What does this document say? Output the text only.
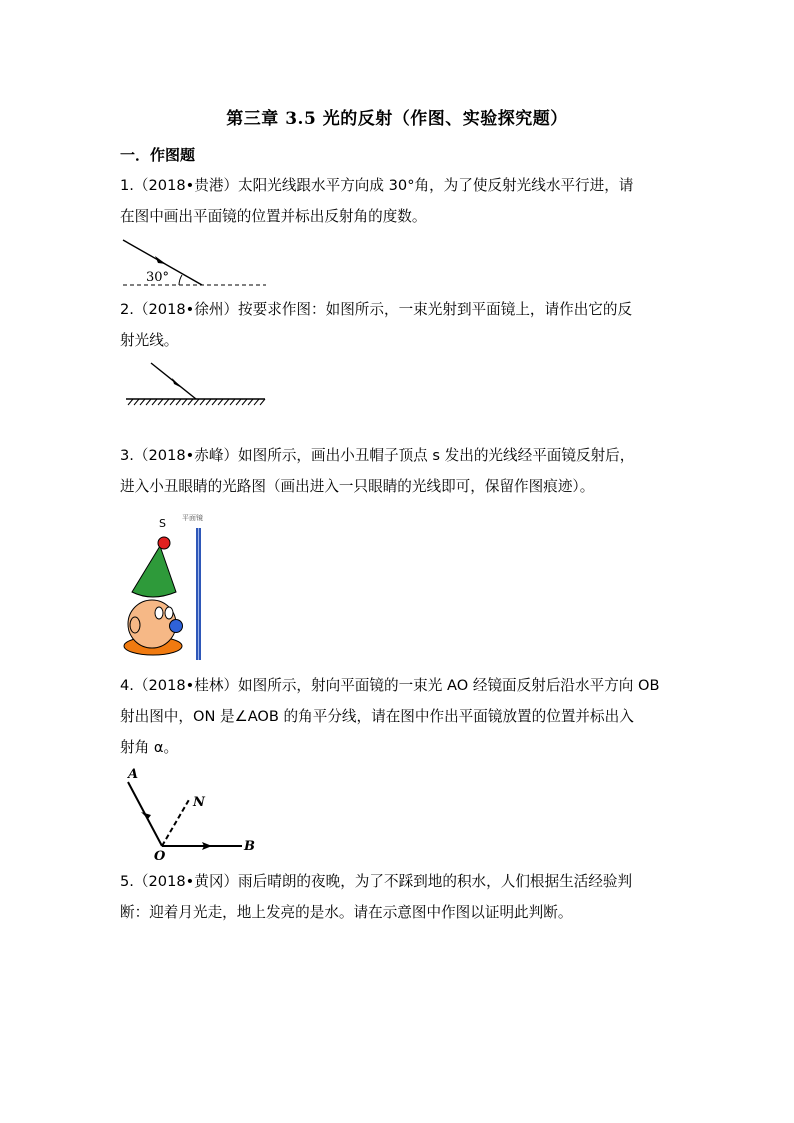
第三章 3.5 光的反射（作图、实验探究题）
一．作图题
1.（2018•贵港）太阳光线跟水平方向成 30°角，为了使反射光线水平行进，请
在图中画出平面镜的位置并标出反射角的度数。
30°
2.（2018•徐州）按要求作图：如图所示，一束光射到平面镜上，请作出它的反
射光线。
3.（2018•赤峰）如图所示，画出小丑帽子顶点 s 发出的光线经平面镜反射后，
进入小丑眼睛的光路图（画出进入一只眼睛的光线即可，保留作图痕迹）。
S 平面镜
4.（2018•桂林）如图所示，射向平面镜的一束光 AO 经镜面反射后沿水平方向 OB
射出图中，ON 是∠AOB 的角平分线，请在图中作出平面镜放置的位置并标出入
射角 α。
A
N
O
B
5.（2018•黄冈）雨后晴朗的夜晚，为了不踩到地的积水，人们根据生活经验判
断：迎着月光走，地上发亮的是水。请在示意图中作图以证明此判断。
